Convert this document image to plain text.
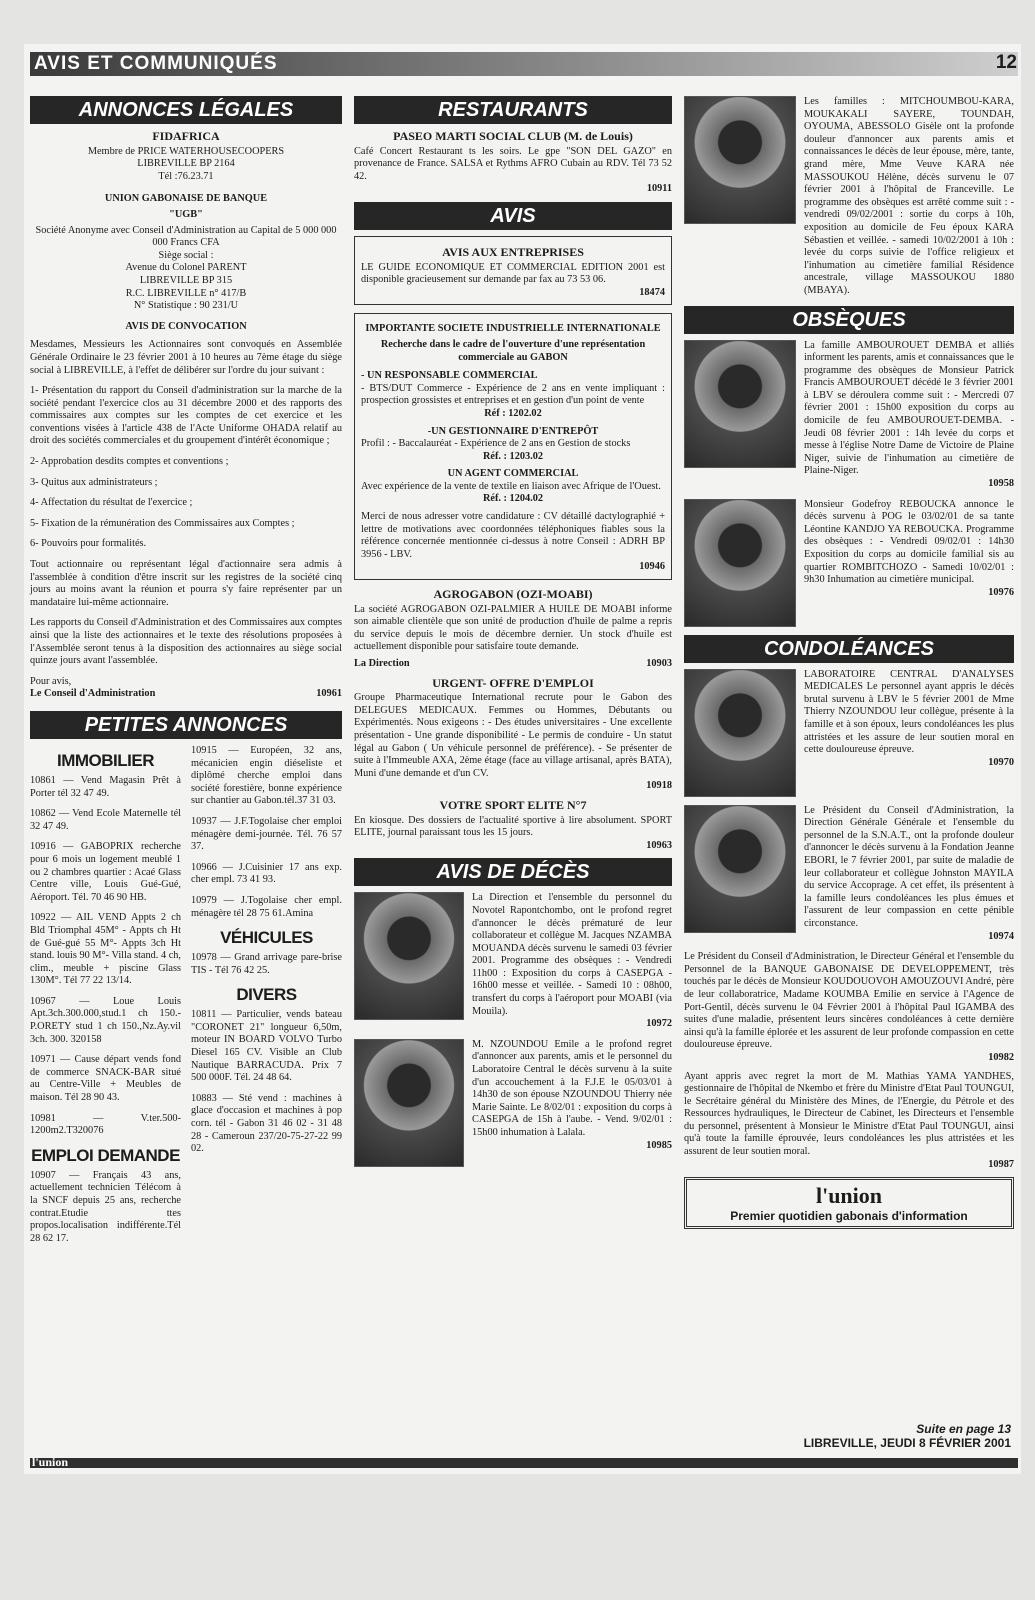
AVIS ET COMMUNIQUÉS	12
ANNONCES LÉGALES
FIDAFRICA
Membre de PRICE WATERHOUSECOOPERS
LIBREVILLE BP 2164
Tél :76.23.71
UNION GABONAISE DE BANQUE
"UGB"
Société Anonyme avec Conseil d'Administration au Capital de 5 000 000 000 Francs CFA
Siège social :
Avenue du Colonel PARENT
LIBREVILLE BP 315
R.C. LIBREVILLE n° 417/B
N° Statistique : 90 231/U
AVIS DE CONVOCATION

Mesdames, Messieurs les Actionnaires sont convoqués en Assemblée Générale Ordinaire le 23 février 2001 à 10 heures au 7ème étage du siège social à LIBREVILLE, à l'effet de délibérer sur l'ordre du jour suivant :

1- Présentation du rapport du Conseil d'administration sur la marche de la société pendant l'exercice clos au 31 décembre 2000 et des rapports des commissaires aux comptes sur les comptes de cet exercice et les conventions visées à l'article 438 de l'Acte Uniforme OHADA relatif au droit des sociétés commerciales et du groupement d'intérêt économique ;

2- Approbation desdits comptes et conventions ;

3- Quitus aux administrateurs ;

4- Affectation du résultat de l'exercice ;

5- Fixation de la rémunération des Commissaires aux Comptes ;

6- Pouvoirs pour formalités.

Tout actionnaire ou représentant légal d'actionnaire sera admis à l'assemblée à condition d'être inscrit sur les registres de la société cinq jours au moins avant la réunion et pourra s'y faire représenter par un mandataire lui-même actionnaire.

Les rapports du Conseil d'Administration et des Commissaires aux comptes ainsi que la liste des actionnaires et le texte des résolutions proposées à l'Assemblée seront tenus à la disposition des actionnaires au siège social quinze jours avant l'assemblée.

Pour avis,
Le Conseil d'Administration	10961
PETITES ANNONCES
IMMOBILIER

10861 — Vend Magasin Prêt à Porter tél 32 47 49.

10862 — Vend Ecole Maternelle tél 32 47 49.

10916 — GABOPRIX recherche pour 6 mois un logement meublé 1 ou 2 chambres quartier : Acaé Glass Centre ville, Louis Gué-Gué, Aéroport. Tél. 70 46 90 HB.

10922 — AIL VEND Appts 2 ch Bld Triomphal 45M° - Appts ch Ht de Gué-gué 55 M°- Appts 3ch Ht stand. louis 90 M°- Villa stand. 4 ch, clim., meuble + piscine Glass 130M°. Tél 77 22 13/14.

10967 — Loue Louis Apt.3ch.300.000,stud.1 ch 150.- P.ORETY stud 1 ch 150.,Nz.Ay.vil 3ch. 300. 320158

10971 — Cause départ vends fond de commerce SNACK-BAR situé au Centre-Ville + Meubles de maison. Tél 28 90 43.

10981 — V.ter.500-1200m2.T320076

EMPLOI DEMANDE

10907 — Français 43 ans, actuellement technicien Télécom à la SNCF depuis 25 ans, recherche contrat.Etudie ttes propos.localisation indifférente.Tél 28 62 17.

10915 — Européen, 32 ans, mécanicien engin diéseliste et diplômé cherche emploi dans société forestière, bonne expérience sur chantier au Gabon.tél.37 31 03.

10937 — J.F.Togolaise cher emploi ménagère demi-journée. Tél. 76 57 37.

10966 — J.Cuisinier 17 ans exp. cher empl. 73 41 93.

10979 — J.Togolaise cher empl. ménagère tél 28 75 61.Amina

VÉHICULES

10978 — Grand arrivage pare-brise TIS - Tél 76 42 25.

DIVERS

10811 — Particulier, vends bateau "CORONET 21" longueur 6,50m, moteur IN BOARD VOLVO Turbo Diesel 165 CV. Visible an Club Nautique BARRACUDA. Prix 7 500 000F. Tél. 24 48 64.

10883 — Sté vend : machines à glace d'occasion et machines à pop corn. tél - Gabon 31 46 02 - 31 48 28 - Cameroun 237/20-75-27-22 99 02.

RESTAURANTS
PASEO MARTI SOCIAL CLUB (M. de Louis)
Café Concert Restaurant ts les soirs. Le gpe "SON DEL GAZO" en provenance de France. SALSA et Rythms AFRO Cubain au RDV. Tél 73 52 42.
10911
AVIS
AVIS AUX ENTREPRISES
LE GUIDE ECONOMIQUE ET COMMERCIAL EDITION 2001 est disponible gracieusement sur demande par fax au 73 53 06.
18474
IMPORTANTE SOCIETE INDUSTRIELLE INTERNATIONALE
Recherche dans le cadre de l'ouverture d'une représentation commerciale au GABON
- UN RESPONSABLE COMMERCIAL
- BTS/DUT Commerce - Expérience de 2 ans en vente impliquant : prospection grossistes et entreprises et en gestion d'un point de vente
Réf : 1202.02
-UN GESTIONNAIRE D'ENTREPÔT
Profil : - Baccalauréat - Expérience de 2 ans en Gestion de stocks
Réf. : 1203.02
UN AGENT COMMERCIAL
Avec expérience de la vente de textile en liaison avec Afrique de l'Ouest.
Réf. : 1204.02
Merci de nous adresser votre candidature : CV détaillé dactylographié + lettre de motivations avec coordonnées téléphoniques fiables sous la référence concernée mentionnée ci-dessus à notre Conseil : ADRH BP 3956 - LBV.
10946
AGROGABON (OZI-MOABI)
La société AGROGABON OZI-PALMIER A HUILE DE MOABI informe son aimable clientèle que son unité de production d'huile de palme a repris du service depuis le mois de décembre dernier. Un stock d'huile est actuellement disponible pour satisfaire toute demande.
La Direction	10903
URGENT- OFFRE D'EMPLOI
Groupe Pharmaceutique International recrute pour le Gabon des DELEGUES MEDICAUX. Femmes ou Hommes, Débutants ou Expérimentés. Nous exigeons : - Des études universitaires - Une excellente présentation - Une grande disponibilité - Le permis de conduire - Un statut légal au Gabon ( Un véhicule personnel de préférence). - Se présenter de suite à l'Immeuble AXA, 2ème étage (face au village artisanal, après BATA), Muni d'une demande et d'un CV.
10918
VOTRE SPORT ELITE N°7
En kiosque. Des dossiers de l'actualité sportive à lire absolument. SPORT ELITE, journal paraissant tous les 15 jours.
10963
AVIS DE DÉCÈS
La Direction et l'ensemble du personnel du Novotel Rapontchombo, ont le profond regret d'annoncer le décès prématuré de leur collaborateur et collègue M. Jacques NZAMBA MOUANDA décès survenu le samedi 03 février 2001. Programme des obsèques : - Vendredi 11h00 : Exposition du corps à CASEPGA - 16h00 messe et veillée. - Samedi 10 : 08h00, transfert du corps à l'aéroport pour MOABI (via Mouila).
10972
M. NZOUNDOU Emile a le profond regret d'annoncer aux parents, amis et le personnel du Laboratoire Central le décès survenu à la suite d'un accouchement à la F.J.E le 05/03/01 à 14h30 de son épouse NZOUNDOU Thierry née Marie Sainte. Le 8/02/01 : exposition du corps à CASEPGA de 15h à l'aube. - Vend. 9/02/01 : 15h00 inhumation à Lalala.
10985
Les familles : MITCHOUMBOU-KARA, MOUKAKALI SAYERE, TOUNDAH, OYOUMA, ABESSOLO Gisèle ont la profonde douleur d'annoncer aux parents amis et connaissances le décès de leur épouse, mère, tante, grand mère, Mme Veuve KARA née MASSOUKOU Hélène, décès survenu le 07 février 2001 à l'hôpital de Franceville. Le programme des obsèques est arrêté comme suit : - vendredi 09/02/2001 : sortie du corps à 10h, exposition au domicile de Feu époux KARA Sébastien et veillée. - samedi 10/02/2001 à 10h : levée du corps suivie de l'office religieux et l'inhumation au cimetière familial Résidence ancestrale, village MASSOUKOU 1880 (MBAYA).
OBSÈQUES
La famille AMBOUROUET DEMBA et alliés informent les parents, amis et connaissances que le programme des obsèques de Monsieur Patrick Francis AMBOUROUET décédé le 3 février 2001 à LBV se déroulera comme suit : - Mercredi 07 février 2001 : 15h00 exposition du corps au domicile de feu AMBOUROUET-DEMBA. - Jeudi 08 février 2001 : 14h levée du corps et messe à l'église Notre Dame de Victoire de Plaine Niger, suivie de l'inhumation au cimetière de Plaine-Niger.
10958
Monsieur Godefroy REBOUCKA annonce le décès survenu à POG le 03/02/01 de sa tante Léontine KANDJO YA REBOUCKA. Programme des obsèques : - Vendredi 09/02/01 : 14h30 Exposition du corps au domicile familial sis au quartier ROMBITCHOZO - Samedi 10/02/01 : 9h30 Inhumation au cimetière municipal.
10976
CONDOLÉANCES
LABORATOIRE CENTRAL D'ANALYSES MEDICALES Le personnel ayant appris le décès brutal survenu à LBV le 5 février 2001 de Mme Thierry NZOUNDOU leur collègue, présente à la famille et à son époux, leurs condoléances les plus attristées et les assure de leur soutien moral en cette douloureuse épreuve.
10970
Le Président du Conseil d'Administration, la Direction Générale Générale et l'ensemble du personnel de la S.N.A.T., ont la profonde douleur d'annoncer le décès survenu à la Fondation Jeanne EBORI, le 7 février 2001, par suite de maladie de leur collaborateur et collègue Johnston MAYILA du service Accoprage. A cet effet, ils présentent à la famille leurs condoléances les plus émues et l'assurent de leur compassion en cette pénible circonstance.
10974
Le Président du Conseil d'Administration, le Directeur Général et l'ensemble du Personnel de la BANQUE GABONAISE DE DEVELOPPEMENT, très touchés par le décès de Monsieur KOUDOUOVOH AMOUZOUVI André, père de leur collaboratrice, Madame KOUMBA Emilie en service à l'Agence de Port-Gentil, décès survenu le 04 Février 2001 à l'hôpital Paul IGAMBA des suites d'une maladie, présentent leurs sincères condoléances à cette dernière ainsi qu'à la famille éplorée et les assurent de leur profonde compassion en cette douloureuse épreuve.
10982
Ayant appris avec regret la mort de M. Mathias YAMA YANDHES, gestionnaire de l'hôpital de Nkembo et frère du Ministre d'Etat Paul TOUNGUI, le Secrétaire général du Ministère des Mines, de l'Energie, du Pétrole et des Ressources hydrauliques, le Directeur de Cabinet, les Directeurs et l'ensemble du personnel, présentent à Monsieur le Ministre d'Etat Paul TOUNGUI, ainsi qu'à toute la famille éprouvée, leurs condoléances les plus attristées et les assurent de leur soutien moral.
10987
l'union
Premier quotidien gabonais d'information
Suite en page 13
LIBREVILLE, JEUDI 8 FÉVRIER 2001
l'union
